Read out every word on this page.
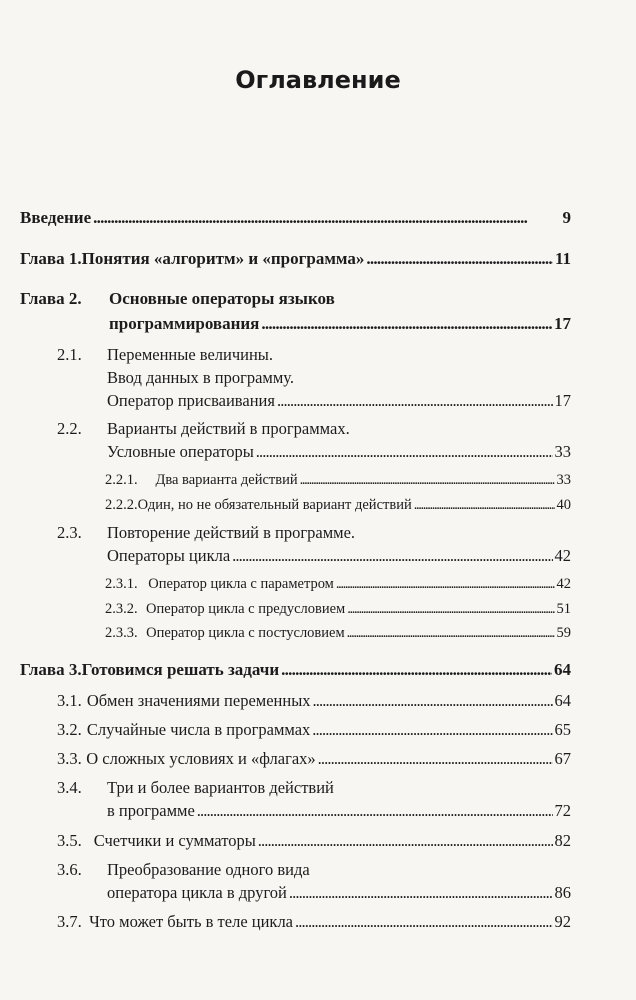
Оглавление
Введение . . .	9
Глава 1. Понятия «алгоритм» и «программа» . . .	11
Глава 2.	Основные операторы языков
программирования . . .	17
2.1.	Переменные величины.
Ввод данных в программу.
Оператор присваивания . . .	17
2.2.	Варианты действий в программах.
Условные операторы . . .	33
2.2.1.	Два варианта действий . . .	33
2.2.2. Один, но не обязательный вариант действий . . .	40
2.3.	Повторение действий в программе.
Операторы цикла . . .	42
2.3.1. Оператор цикла с параметром . . .	42
2.3.2. Оператор цикла с предусловием . . .	51
2.3.3. Оператор цикла с постусловием . . .	59
Глава 3. Готовимся решать задачи . . .	64
3.1. Обмен значениями переменных . . .	64
3.2. Случайные числа в программах . . .	65
3.3. О сложных условиях и «флагах» . . .	67
3.4.	Три и более вариантов действий
в программе . . .	72
3.5. Счетчики и сумматоры . . .	82
3.6.	Преобразование одного вида
оператора цикла в другой . . .	86
3.7. Что может быть в теле цикла . . .	92
